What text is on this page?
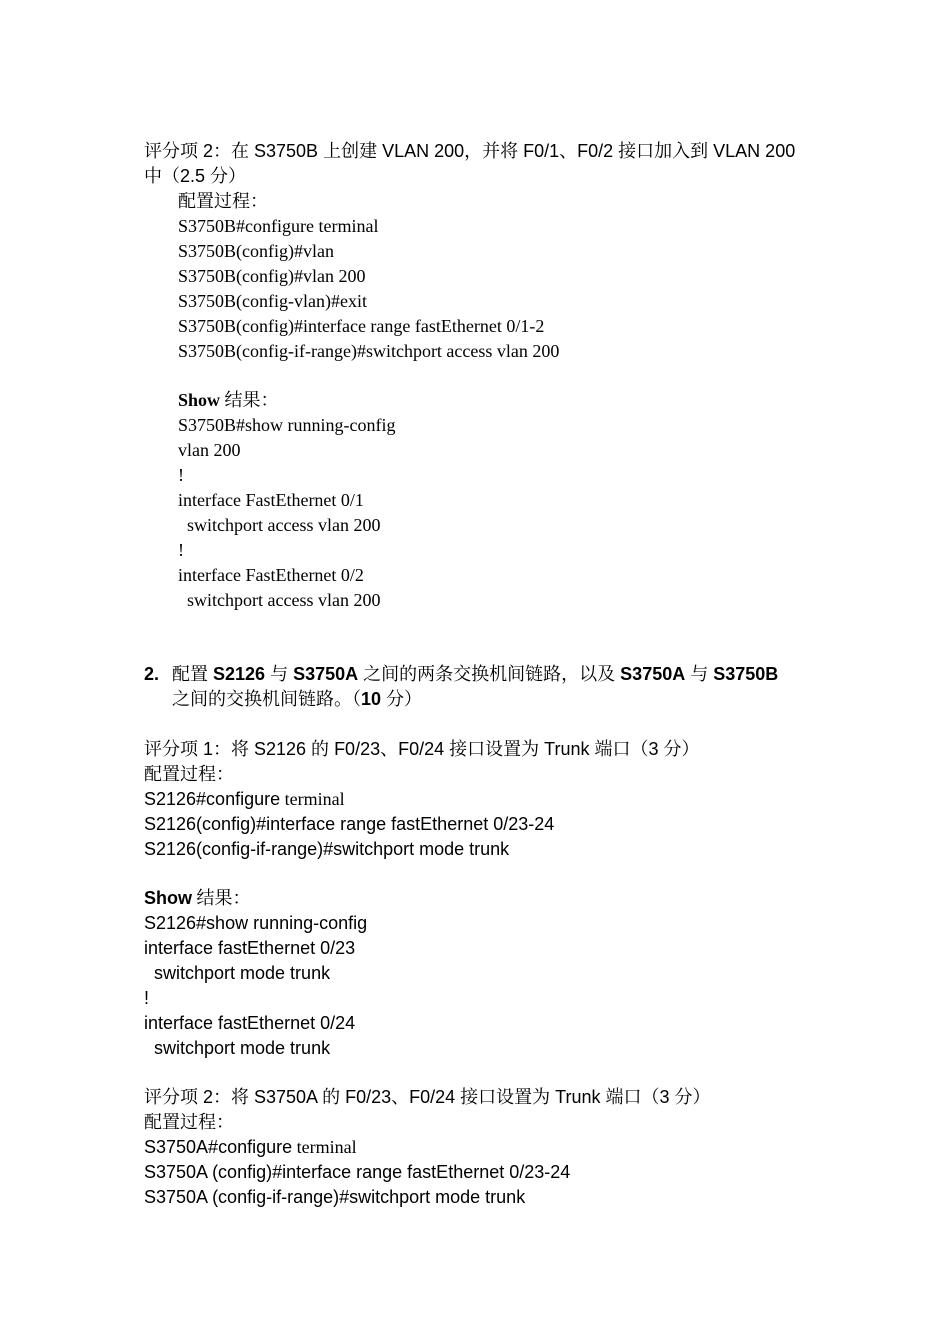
评分项 2：在 S3750B 上创建 VLAN 200，并将 F0/1、F0/2 接口加入到 VLAN 200
中（2.5 分）
配置过程：
S3750B#configure terminal
S3750B(config)#vlan
S3750B(config)#vlan 200
S3750B(config-vlan)#exit
S3750B(config)#interface range fastEthernet 0/1-2
S3750B(config-if-range)#switchport access vlan 200
Show 结果：
S3750B#show running-config
vlan 200
!
interface FastEthernet 0/1
switchport access vlan 200
!
interface FastEthernet 0/2
switchport access vlan 200
2. 配置 S2126 与 S3750A 之间的两条交换机间链路，以及 S3750A 与 S3750B
之间的交换机间链路。（10 分）
评分项 1：将 S2126 的 F0/23、F0/24 接口设置为 Trunk 端口（3 分）
配置过程：
S2126#configure terminal
S2126(config)#interface range fastEthernet 0/23-24
S2126(config-if-range)#switchport mode trunk
Show 结果：
S2126#show running-config
interface fastEthernet 0/23
switchport mode trunk
!
interface fastEthernet 0/24
switchport mode trunk
评分项 2：将 S3750A 的 F0/23、F0/24 接口设置为 Trunk 端口（3 分）
配置过程：
S3750A#configure terminal
S3750A (config)#interface range fastEthernet 0/23-24
S3750A (config-if-range)#switchport mode trunk
